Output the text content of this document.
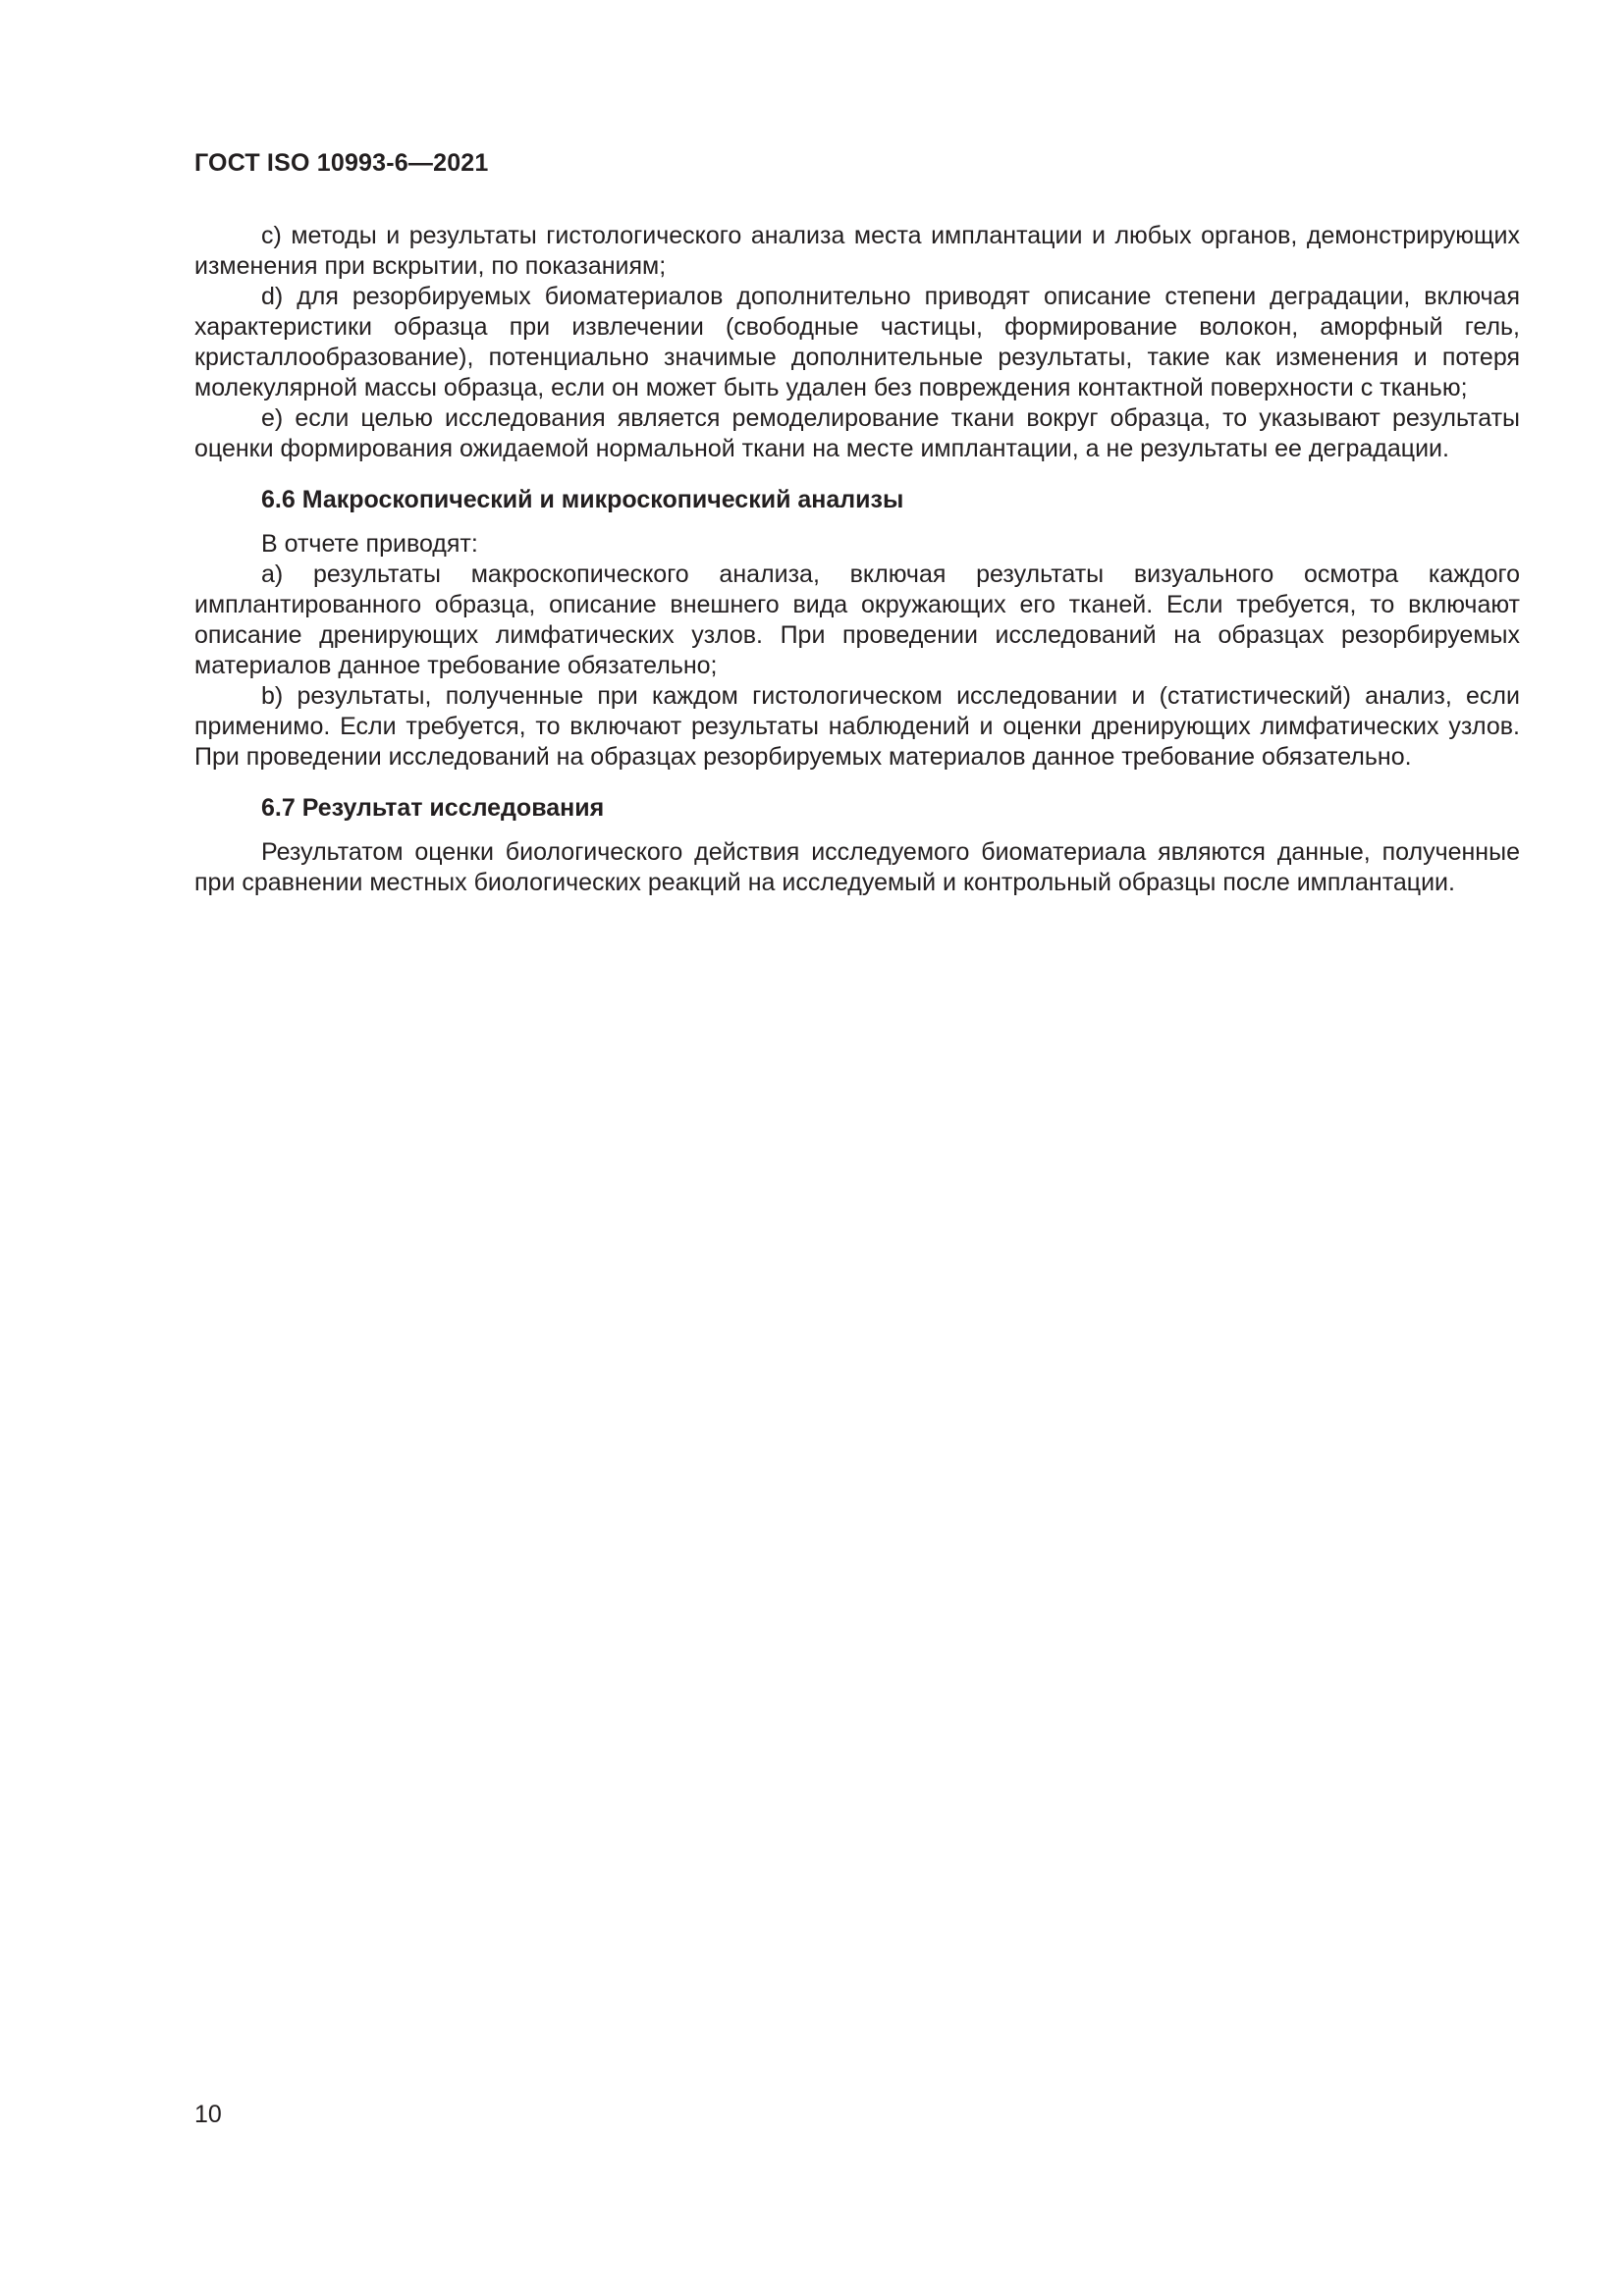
ГОСТ ISO 10993-6—2021

c) методы и результаты гистологического анализа места имплантации и любых органов, демонстрирующих изменения при вскрытии, по показаниям;

d) для резорбируемых биоматериалов дополнительно приводят описание степени деградации, включая характеристики образца при извлечении (свободные частицы, формирование волокон, аморфный гель, кристаллообразование), потенциально значимые дополнительные результаты, такие как изменения и потеря молекулярной массы образца, если он может быть удален без повреждения контактной поверхности с тканью;

e) если целью исследования является ремоделирование ткани вокруг образца, то указывают результаты оценки формирования ожидаемой нормальной ткани на месте имплантации, а не результаты ее деградации.

6.6 Макроскопический и микроскопический анализы

В отчете приводят:

a) результаты макроскопического анализа, включая результаты визуального осмотра каждого имплантированного образца, описание внешнего вида окружающих его тканей. Если требуется, то включают описание дренирующих лимфатических узлов. При проведении исследований на образцах резорбируемых материалов данное требование обязательно;

b) результаты, полученные при каждом гистологическом исследовании и (статистический) анализ, если применимо. Если требуется, то включают результаты наблюдений и оценки дренирующих лимфатических узлов. При проведении исследований на образцах резорбируемых материалов данное требование обязательно.

6.7 Результат исследования

Результатом оценки биологического действия исследуемого биоматериала являются данные, полученные при сравнении местных биологических реакций на исследуемый и контрольный образцы после имплантации.

10
